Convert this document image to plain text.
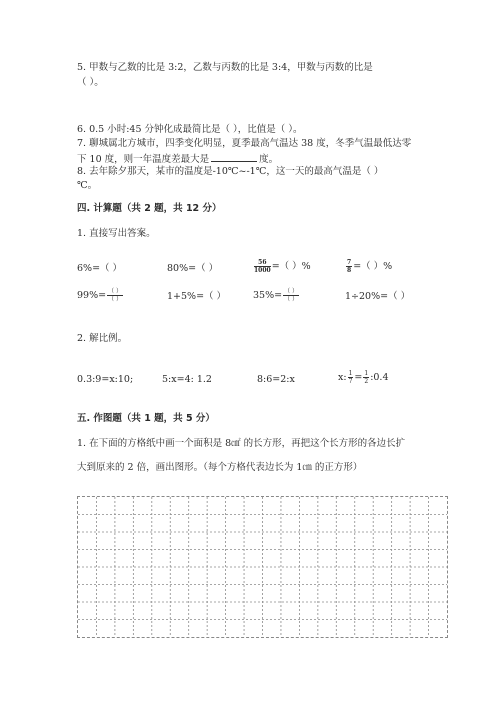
5. 甲数与乙数的比是 3:2，乙数与丙数的比是 3:4，甲数与丙数的比是
（ ）。
6. 0.5 小时:45 分钟化成最简比是（ ），比值是（ ）。
7. 聊城属北方城市，四季变化明显，夏季最高气温达 38 度，冬季气温最低达零
下 10 度，则一年温度差最大是	度。
8. 去年除夕那天，某市的温度是-10℃~-1℃，这一天的最高气温是（ ）
℃。
四. 计算题（共 2 题，共 12 分）
1. 直接写出答案。
6%=（ ）	80%=（ ）	$\frac{56}{1000}$ =（ ）%	$\frac{7}{8}$ =（ ）%
$99\%= \frac{( )}{( )}$	1+5%=（ ）	$35\%= \frac{( )}{( )}$	1÷20%=（ ）
2. 解比例。
0.3:9=x:10;	5:x=4: 1.2	8:6=2:x	x: $\frac{1}{7} = \frac{1}{2}$ :0.4
五. 作图题（共 1 题，共 5 分）
1. 在下面的方格纸中画一个面积是 8㎠ 的长方形，再把这个长方形的各边长扩
大到原来的 2 倍，画出图形。（每个方格代表边长为 1㎝ 的正方形）
